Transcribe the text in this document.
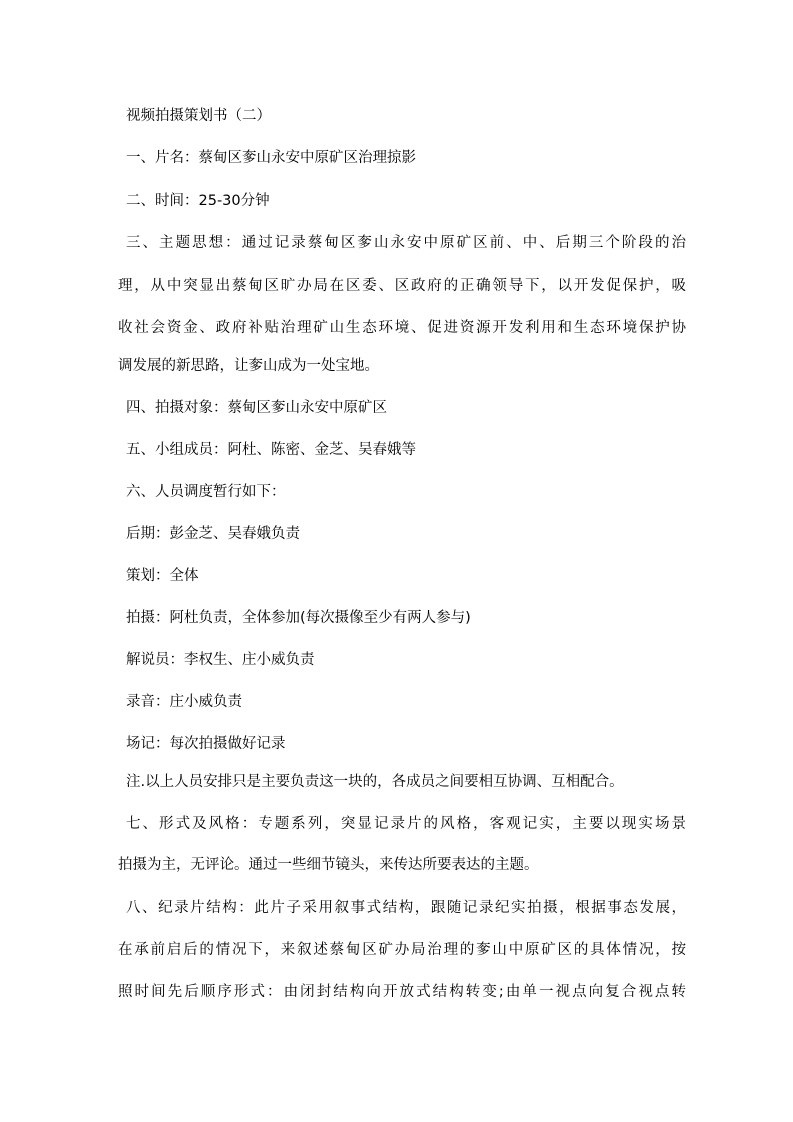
视频拍摄策划书（二）
一、片名：蔡甸区奓山永安中原矿区治理掠影
二、时间：25-30分钟
三、主题思想：通过记录蔡甸区奓山永安中原矿区前、中、后期三个阶段的治
理，从中突显出蔡甸区旷办局在区委、区政府的正确领导下，以开发促保护，吸
收社会资金、政府补贴治理矿山生态环境、促进资源开发利用和生态环境保护协
调发展的新思路，让奓山成为一处宝地。
四、拍摄对象：蔡甸区奓山永安中原矿区
五、小组成员：阿杜、陈密、金芝、吴春娥等
六、人员调度暂行如下：
后期：彭金芝、吴春娥负责
策划：全体
拍摄：阿杜负责，全体参加(每次摄像至少有两人参与)
解说员：李权生、庄小威负责
录音：庄小威负责
场记：每次拍摄做好记录
注.以上人员安排只是主要负责这一块的，各成员之间要相互协调、互相配合。
七、形式及风格：专题系列，突显记录片的风格，客观记实，主要以现实场景
拍摄为主，无评论。通过一些细节镜头，来传达所要表达的主题。
八、纪录片结构：此片子采用叙事式结构，跟随记录纪实拍摄，根据事态发展，
在承前启后的情况下，来叙述蔡甸区矿办局治理的奓山中原矿区的具体情况，按
照时间先后顺序形式：由闭封结构向开放式结构转变;由单一视点向复合视点转
